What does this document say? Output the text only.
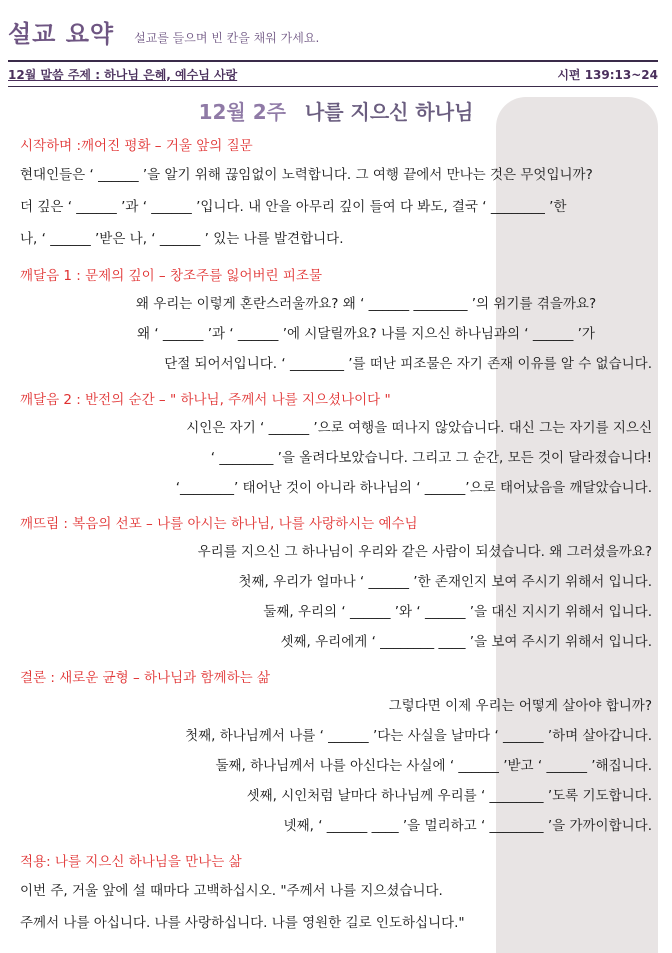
설교 요약 설교를 들으며 빈 칸을 채워 가세요.
12월 말씀 주제 : 하나님 은혜, 예수님 사랑	시편 139:13~24
12월 2주 나를 지으신 하나님
시작하며 :깨어진 평화 – 거울 앞의 질문

현대인들은 ‘ ______ ’을 알기 위해 끊임없이 노력합니다. 그 여행 끝에서 만나는 것은 무엇입니까?

더 깊은 ‘ ______ ’과 ‘ ______ ’입니다. 내 안을 아무리 깊이 들여 다 봐도, 결국 ‘ ________ ’한

나, ‘ ______ ’받은 나, ‘ ______ ’ 있는 나를 발견합니다.

깨달음 1 : 문제의 깊이 – 창조주를 잃어버린 피조물

왜 우리는 이렇게 혼란스러울까요? 왜 ‘ ______ ________ ’의 위기를 겪을까요?

왜 ‘ ______ ’과 ‘ ______ ’에 시달릴까요? 나를 지으신 하나님과의 ‘ ______ ’가

단절 되어서입니다. ‘ ________ ’를 떠난 피조물은 자기 존재 이유를 알 수 없습니다.

깨달음 2 : 반전의 순간 – " 하나님, 주께서 나를 지으셨나이다 "

시인은 자기 ‘ ______ ’으로 여행을 떠나지 않았습니다. 대신 그는 자기를 지으신

‘ ________ ’을 올려다보았습니다. 그리고 그 순간, 모든 것이 달라졌습니다!

‘________’ 태어난 것이 아니라 하나님의 ‘ ______’으로 태어났음을 깨달았습니다.

깨뜨림 : 복음의 선포 – 나를 아시는 하나님, 나를 사랑하시는 예수님

우리를 지으신 그 하나님이 우리와 같은 사람이 되셨습니다. 왜 그러셨을까요?

첫째, 우리가 얼마나 ‘ ______ ’한 존재인지 보여 주시기 위해서 입니다.

둘째, 우리의 ‘ ______ ’와 ‘ ______ ’을 대신 지시기 위해서 입니다.

셋째, 우리에게 ‘ ________ ____ ’을 보여 주시기 위해서 입니다.

결론 : 새로운 균형 – 하나님과 함께하는 삶

그렇다면 이제 우리는 어떻게 살아야 합니까?

첫째, 하나님께서 나를 ‘ ______ ’다는 사실을 날마다 ‘ ______ ’하며 살아갑니다.

둘째, 하나님께서 나를 아신다는 사실에 ‘ ______ ’받고 ‘ ______ ’해집니다.

셋째, 시인처럼 날마다 하나님께 우리를 ‘ ________ ’도록 기도합니다.

넷째, ‘ ______ ____ ’을 멀리하고 ‘ ________ ’을 가까이합니다.

적용: 나를 지으신 하나님을 만나는 삶

이번 주, 거울 앞에 설 때마다 고백하십시오. "주께서 나를 지으셨습니다.

주께서 나를 아십니다. 나를 사랑하십니다. 나를 영원한 길로 인도하십니다."
